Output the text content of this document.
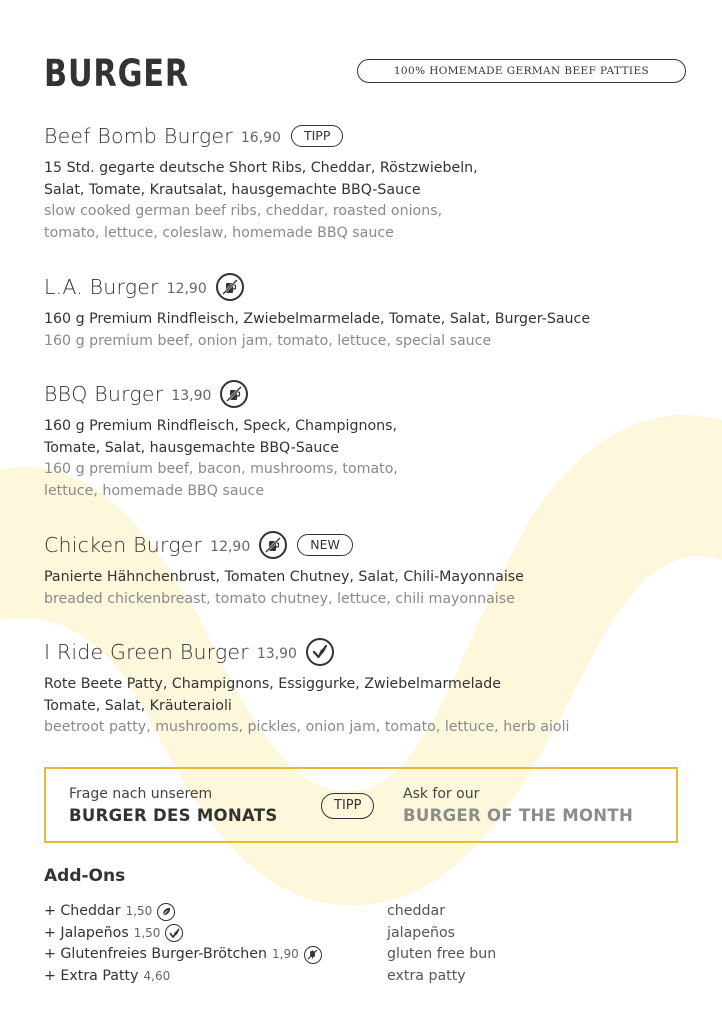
BURGER	100% HOMEMADE GERMAN BEEF PATTIES
Beef Bomb Burger 16,90	TIPP
15 Std. gegarte deutsche Short Ribs, Cheddar, Röstzwiebeln,
Salat, Tomate, Krautsalat, hausgemachte BBQ-Sauce
slow cooked german beef ribs, cheddar, roasted onions,
tomato, lettuce, coleslaw, homemade BBQ sauce
L.A. Burger 12,90
160 g Premium Rindfleisch, Zwiebelmarmelade, Tomate, Salat, Burger-Sauce
160 g premium beef, onion jam, tomato, lettuce, special sauce
BBQ Burger 13,90
160 g Premium Rindfleisch, Speck, Champignons,
Tomate, Salat, hausgemachte BBQ-Sauce
160 g premium beef, bacon, mushrooms, tomato,
lettuce, homemade BBQ sauce
Chicken Burger 12,90	NEW
Panierte Hähnchenbrust, Tomaten Chutney, Salat, Chili-Mayonnaise
breaded chickenbreast, tomato chutney, lettuce, chili mayonnaise
I Ride Green Burger 13,90
Rote Beete Patty, Champignons, Essiggurke, Zwiebelmarmelade
Tomate, Salat, Kräuteraioli
beetroot patty, mushrooms, pickles, onion jam, tomato, lettuce, herb aioli
Frage nach unserem
BURGER DES MONATS
TIPP
Ask for our
BURGER OF THE MONTH
Add-Ons
+ Cheddar 1,50	cheddar
+ Jalapeños 1,50	jalapeños
+ Glutenfreies Burger-Brötchen 1,90	gluten free bun
+ Extra Patty 4,60	extra patty
